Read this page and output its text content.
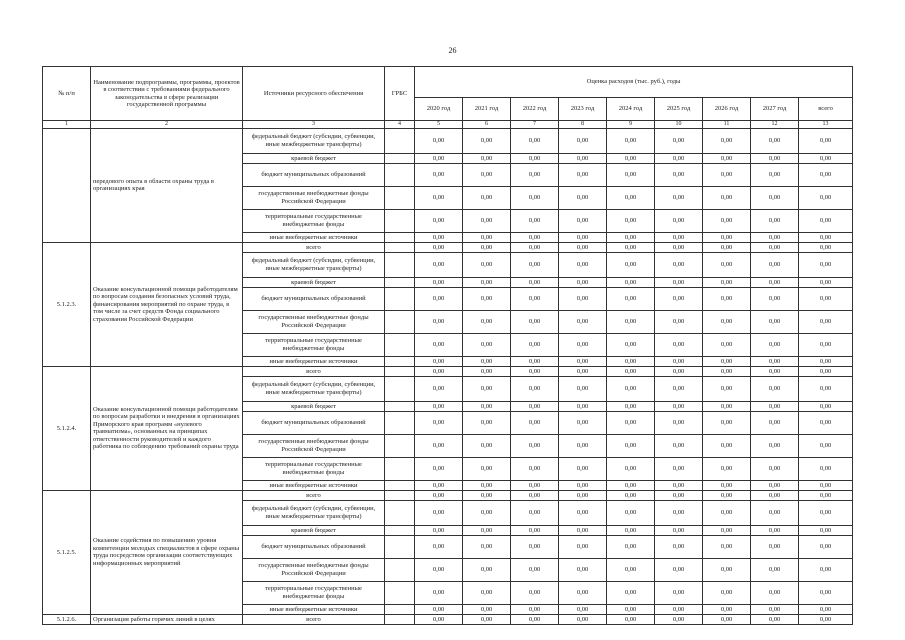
26
№ п/п	Наименование подпрограммы, программы, проектов в соответствии с требованиями федерального законодательства в сфере реализации государственной программы	Источники ресурсного обеспечения	ГРБС	Оценка расходов (тыс. руб.), годы								
				2020 год	2021 год	2022 год	2023 год	2024 год	2025 год	2026 год	2027 год	всего
1	2	3	4	5	6	7	8	9	10	11	12	13
	передового опыта в области охраны труда в организациях края	федеральный бюджет (субсидии, субвенции, иные межбюджетные трансферты)		0,00	0,00	0,00	0,00	0,00	0,00	0,00	0,00	0,00
		краевой бюджет		0,00	0,00	0,00	0,00	0,00	0,00	0,00	0,00	0,00
		бюджет муниципальных образований		0,00	0,00	0,00	0,00	0,00	0,00	0,00	0,00	0,00
		государственные внебюджетные фонды Российской Федерации		0,00	0,00	0,00	0,00	0,00	0,00	0,00	0,00	0,00
		территориальные государственные внебюджетные фонды		0,00	0,00	0,00	0,00	0,00	0,00	0,00	0,00	0,00
		иные внебюджетные источники		0,00	0,00	0,00	0,00	0,00	0,00	0,00	0,00	0,00
5.1.2.3.	Оказание консультационной помощи работодателям по вопросам создания безопасных условий труда, финансирования мероприятий по охране труда, в том числе за счет средств Фонда социального страхования Российской Федерации	всего		0,00	0,00	0,00	0,00	0,00	0,00	0,00	0,00	0,00
		федеральный бюджет (субсидии, субвенции, иные межбюджетные трансферты)		0,00	0,00	0,00	0,00	0,00	0,00	0,00	0,00	0,00
		краевой бюджет		0,00	0,00	0,00	0,00	0,00	0,00	0,00	0,00	0,00
		бюджет муниципальных образований		0,00	0,00	0,00	0,00	0,00	0,00	0,00	0,00	0,00
		государственные внебюджетные фонды Российской Федерации		0,00	0,00	0,00	0,00	0,00	0,00	0,00	0,00	0,00
		территориальные государственные внебюджетные фонды		0,00	0,00	0,00	0,00	0,00	0,00	0,00	0,00	0,00
		иные внебюджетные источники		0,00	0,00	0,00	0,00	0,00	0,00	0,00	0,00	0,00
5.1.2.4.	Оказание консультационной помощи работодателям по вопросам разработки и внедрения в организациях Приморского края программ «нулевого травматизма», основанных на принципах ответственности руководителей и каждого работника по соблюдению требований охраны труда	всего		0,00	0,00	0,00	0,00	0,00	0,00	0,00	0,00	0,00
		федеральный бюджет (субсидии, субвенции, иные межбюджетные трансферты)		0,00	0,00	0,00	0,00	0,00	0,00	0,00	0,00	0,00
		краевой бюджет		0,00	0,00	0,00	0,00	0,00	0,00	0,00	0,00	0,00
		бюджет муниципальных образований		0,00	0,00	0,00	0,00	0,00	0,00	0,00	0,00	0,00
		государственные внебюджетные фонды Российской Федерации		0,00	0,00	0,00	0,00	0,00	0,00	0,00	0,00	0,00
		территориальные государственные внебюджетные фонды		0,00	0,00	0,00	0,00	0,00	0,00	0,00	0,00	0,00
		иные внебюджетные источники		0,00	0,00	0,00	0,00	0,00	0,00	0,00	0,00	0,00
5.1.2.5.	Оказание содействия по повышению уровня компетенции молодых специалистов в сфере охраны труда посредством организации соответствующих информационных мероприятий	всего		0,00	0,00	0,00	0,00	0,00	0,00	0,00	0,00	0,00
		федеральный бюджет (субсидии, субвенции, иные межбюджетные трансферты)		0,00	0,00	0,00	0,00	0,00	0,00	0,00	0,00	0,00
		краевой бюджет		0,00	0,00	0,00	0,00	0,00	0,00	0,00	0,00	0,00
		бюджет муниципальных образований		0,00	0,00	0,00	0,00	0,00	0,00	0,00	0,00	0,00
		государственные внебюджетные фонды Российской Федерации		0,00	0,00	0,00	0,00	0,00	0,00	0,00	0,00	0,00
		территориальные государственные внебюджетные фонды		0,00	0,00	0,00	0,00	0,00	0,00	0,00	0,00	0,00
		иные внебюджетные источники		0,00	0,00	0,00	0,00	0,00	0,00	0,00	0,00	0,00
5.1.2.6.	Организация работы горячих линий в целях	всего		0,00	0,00	0,00	0,00	0,00	0,00	0,00	0,00	0,00
